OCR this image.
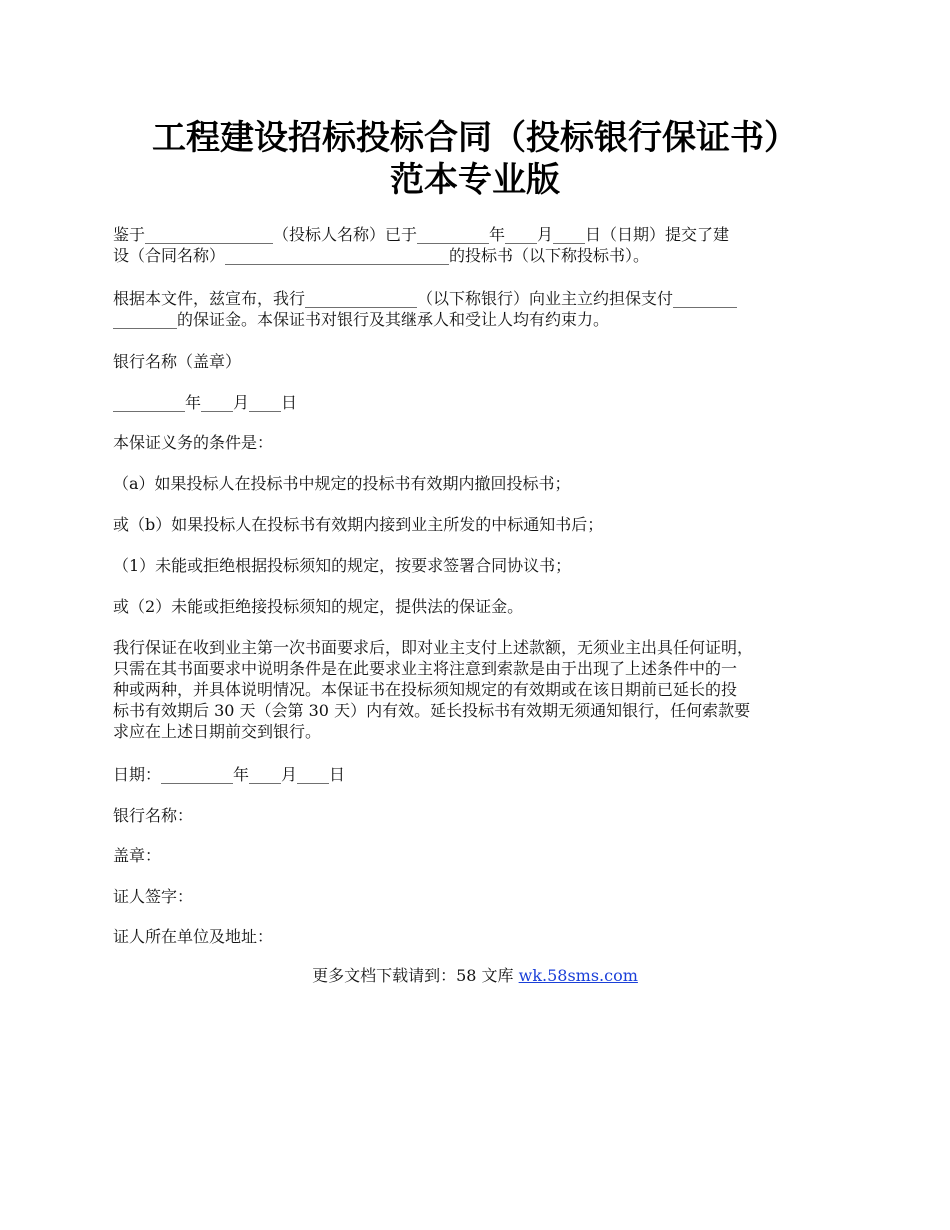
工程建设招标投标合同（投标银行保证书）
范本专业版
鉴于________________（投标人名称）已于_________年____月____日（日期）提交了建
设（合同名称）____________________________的投标书（以下称投标书）。
根据本文件，兹宣布，我行______________（以下称银行）向业主立约担保支付________
________的保证金。本保证书对银行及其继承人和受让人均有约束力。
银行名称（盖章）
_________年____月____日
本保证义务的条件是：
（a）如果投标人在投标书中规定的投标书有效期内撤回投标书；
或（b）如果投标人在投标书有效期内接到业主所发的中标通知书后；
（1）未能或拒绝根据投标须知的规定，按要求签署合同协议书；
或（2）未能或拒绝接投标须知的规定，提供法的保证金。
我行保证在收到业主第一次书面要求后，即对业主支付上述款额，无须业主出具任何证明，
只需在其书面要求中说明条件是在此要求业主将注意到索款是由于出现了上述条件中的一
种或两种，并具体说明情况。本保证书在投标须知规定的有效期或在该日期前已延长的投
标书有效期后 30 天（会第 30 天）内有效。延长投标书有效期无须通知银行，任何索款要
求应在上述日期前交到银行。
日期：_________年____月____日
银行名称：
盖章：
证人签字：
证人所在单位及地址：
更多文档下载请到：58 文库 wk.58sms.com
